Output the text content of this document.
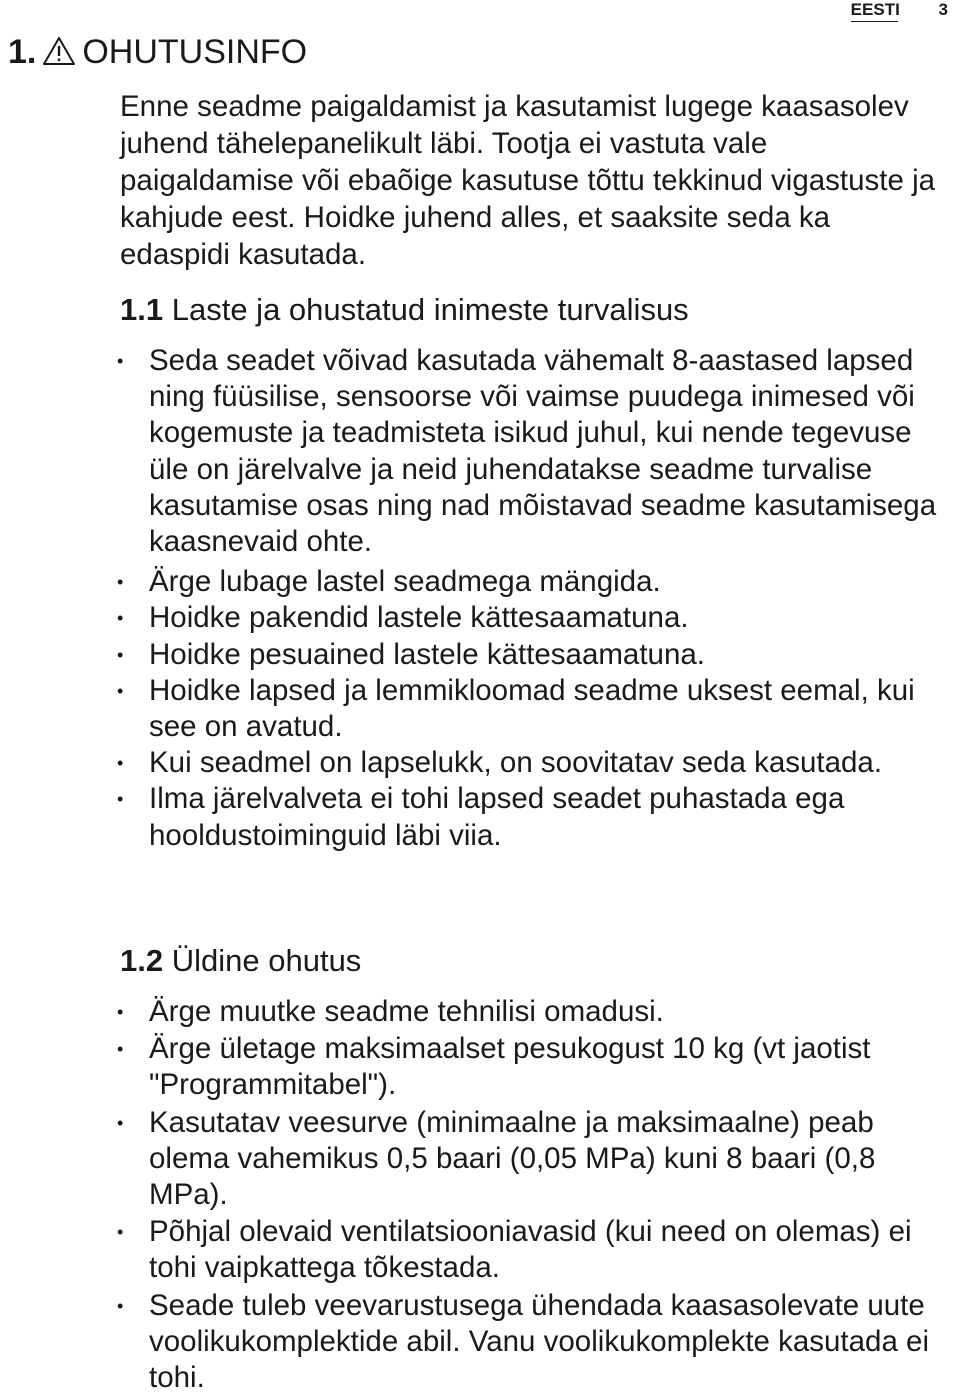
EESTI 3
1. OHUTUSINFO

Enne seadme paigaldamist ja kasutamist lugege kaasasolev juhend tähelepanelikult läbi. Tootja ei vastuta vale paigaldamise või ebaõige kasutuse tõttu tekkinud vigastuste ja kahjude eest. Hoidke juhend alles, et saaksite seda ka edaspidi kasutada.

1.1 Laste ja ohustatud inimeste turvalisus
• Seda seadet võivad kasutada vähemalt 8-aastased lapsed ning füüsilise, sensoorse või vaimse puudega inimesed või kogemuste ja teadmisteta isikud juhul, kui nende tegevuse üle on järelvalve ja neid juhendatakse seadme turvalise kasutamise osas ning nad mõistavad seadme kasutamisega kaasnevaid ohte.
• Ärge lubage lastel seadmega mängida.
• Hoidke pakendid lastele kättesaamatuna.
• Hoidke pesuained lastele kättesaamatuna.
• Hoidke lapsed ja lemmikloomad seadme uksest eemal, kui see on avatud.
• Kui seadmel on lapselukk, on soovitatav seda kasutada.
• Ilma järelvalveta ei tohi lapsed seadet puhastada ega hooldustoiminguid läbi viia.
1.2 Üldine ohutus
• Ärge muutke seadme tehnilisi omadusi.
• Ärge ületage maksimaalset pesukogust 10 kg (vt jaotist "Programmitabel").
• Kasutatav veesurve (minimaalne ja maksimaalne) peab olema vahemikus 0,5 baari (0,05 MPa) kuni 8 baari (0,8 MPa).
• Põhjal olevaid ventilatsiooniavasid (kui need on olemas) ei tohi vaipkattega tõkestada.
• Seade tuleb veevarustusega ühendada kaasasolevate uute voolikukomplektide abil. Vanu voolikukomplekte kasutada ei tohi.
